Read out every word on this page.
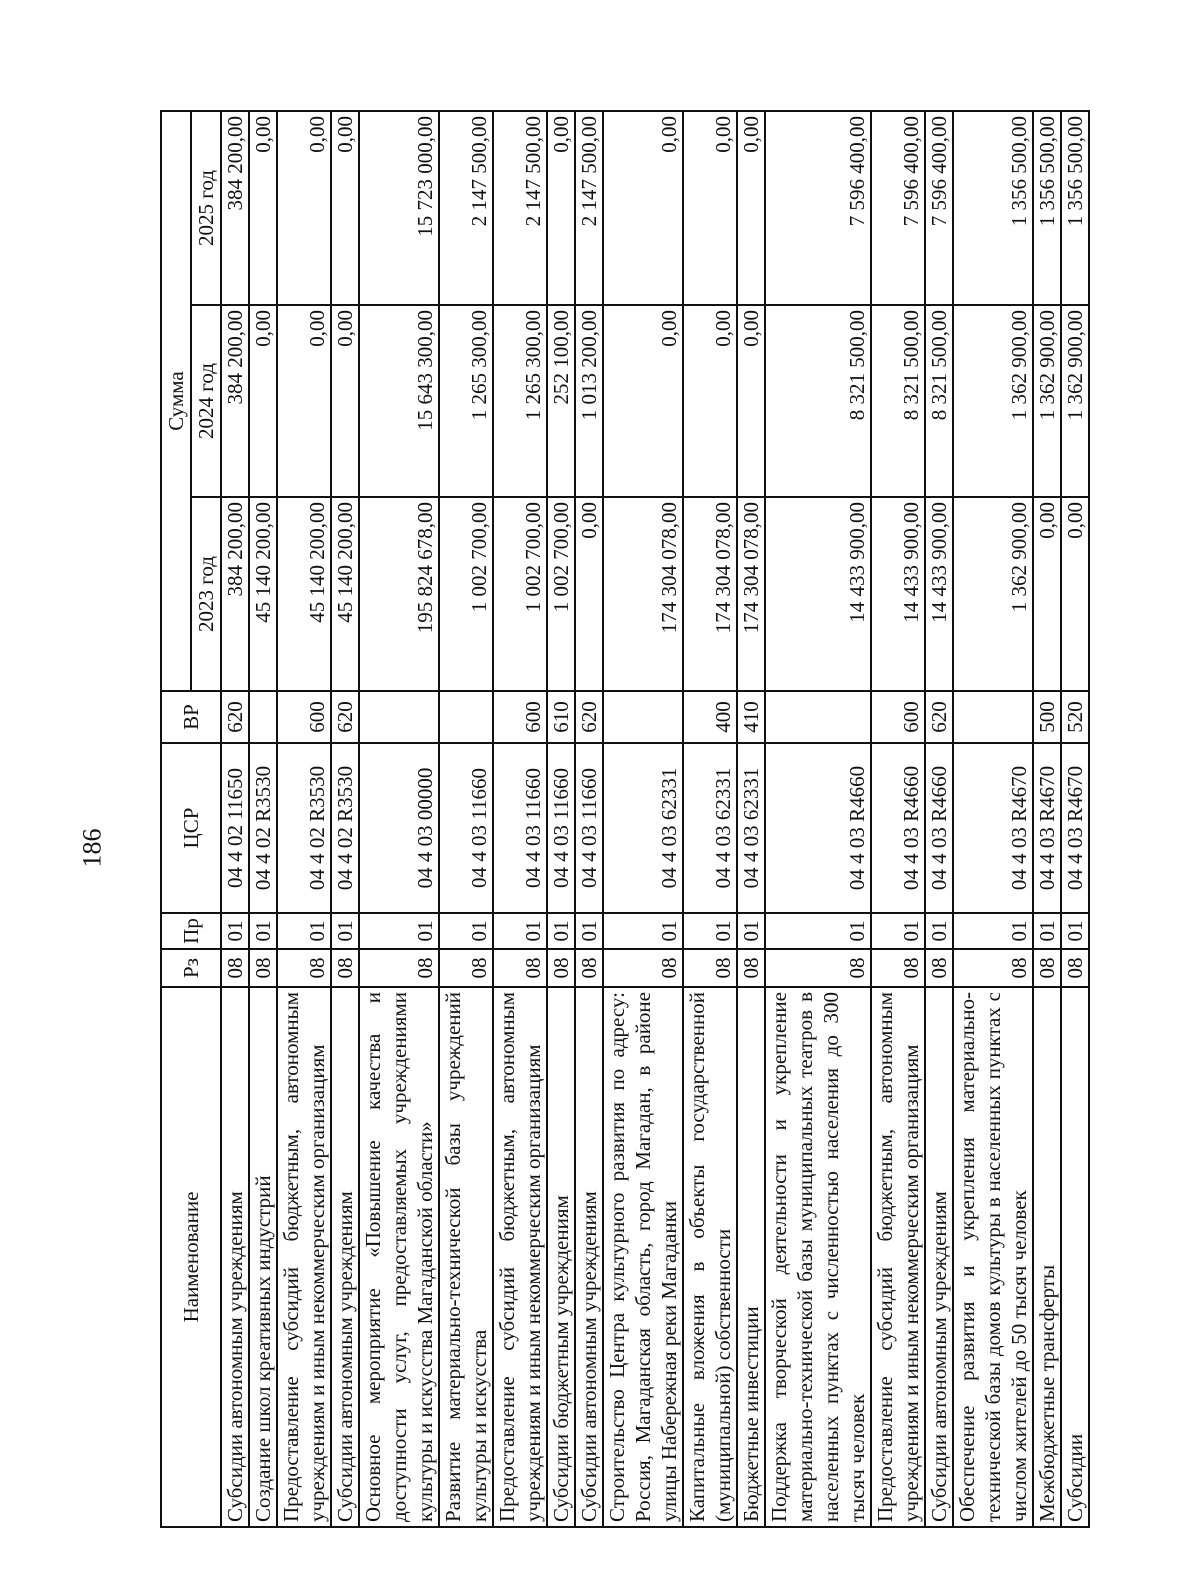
186
Наименование	Рз	Пр	ЦСР	ВР	Сумма		
					2023 год	2024 год	2025 год
Субсидии автономным учреждениям	08	01	04 4 02 11650	620	384 200,00	384 200,00	384 200,00
Создание школ креативных индустрий	08	01	04 4 02 R3530		45 140 200,00	0,00	0,00
Предоставление субсидий бюджетным, автономным учреждениям и иным некоммерческим организациям	08	01	04 4 02 R3530	600	45 140 200,00	0,00	0,00
Субсидии автономным учреждениям	08	01	04 4 02 R3530	620	45 140 200,00	0,00	0,00
Основное мероприятие «Повышение качества и доступности услуг, предоставляемых учреждениями культуры и искусства Магаданской области»	08	01	04 4 03 00000		195 824 678,00	15 643 300,00	15 723 000,00
Развитие материально-технической базы учреждений культуры и искусства	08	01	04 4 03 11660		1 002 700,00	1 265 300,00	2 147 500,00
Предоставление субсидий бюджетным, автономным учреждениям и иным некоммерческим организациям	08	01	04 4 03 11660	600	1 002 700,00	1 265 300,00	2 147 500,00
Субсидии бюджетным учреждениям	08	01	04 4 03 11660	610	1 002 700,00	252 100,00	0,00
Субсидии автономным учреждениям	08	01	04 4 03 11660	620	0,00	1 013 200,00	2 147 500,00
Строительство Центра культурного развития по адресу: Россия, Магаданская область, город Магадан, в районе улицы Набережная реки Магаданки	08	01	04 4 03 62331		174 304 078,00	0,00	0,00
Капитальные вложения в объекты государственной (муниципальной) собственности	08	01	04 4 03 62331	400	174 304 078,00	0,00	0,00
Бюджетные инвестиции	08	01	04 4 03 62331	410	174 304 078,00	0,00	0,00
Поддержка творческой деятельности и укрепление материально-технической базы муниципальных театров в населенных пунктах с численностью населения до 300 тысяч человек	08	01	04 4 03 R4660		14 433 900,00	8 321 500,00	7 596 400,00
Предоставление субсидий бюджетным, автономным учреждениям и иным некоммерческим организациям	08	01	04 4 03 R4660	600	14 433 900,00	8 321 500,00	7 596 400,00
Субсидии автономным учреждениям	08	01	04 4 03 R4660	620	14 433 900,00	8 321 500,00	7 596 400,00
Обеспечение развития и укрепления материально-технической базы домов культуры в населенных пунктах с числом жителей до 50 тысяч человек	08	01	04 4 03 R4670		1 362 900,00	1 362 900,00	1 356 500,00
Межбюджетные трансферты	08	01	04 4 03 R4670	500	0,00	1 362 900,00	1 356 500,00
Субсидии	08	01	04 4 03 R4670	520	0,00	1 362 900,00	1 356 500,00
